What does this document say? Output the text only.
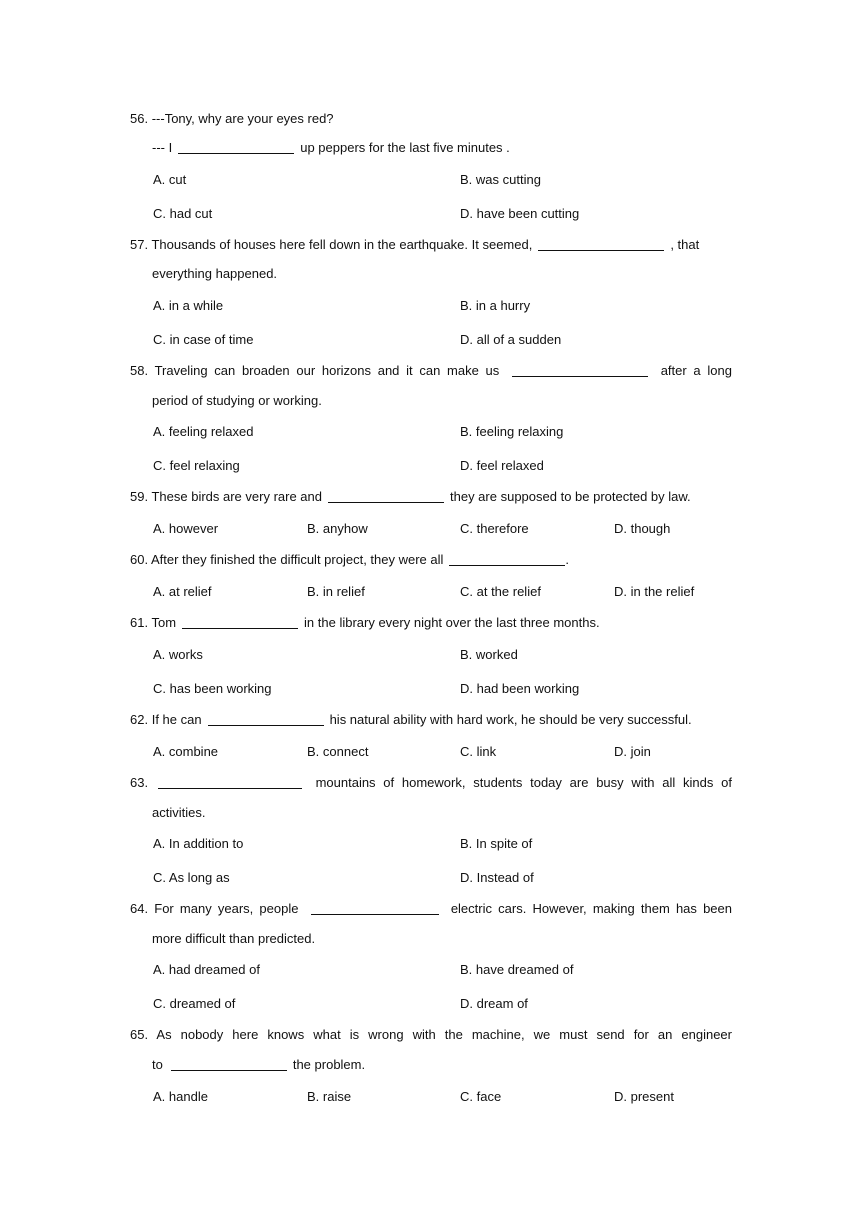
56. ---Tony, why are your eyes red?
--- I	up peppers for the last five minutes .
A. cut	B. was cutting
C. had cut	D. have been cutting
57. Thousands of houses here fell down in the earthquake. It seemed,	, that
everything happened.
A. in a while	B. in a hurry
C. in case of time	D. all of a sudden
58. Traveling can broaden our horizons and it can make us	after a long
period of studying or working.
A. feeling relaxed	B. feeling relaxing
C. feel relaxing	D. feel relaxed
59. These birds are very rare and	they are supposed to be protected by law.
A. however	B. anyhow	C. therefore	D. though
60. After they finished the difficult project, they were all	.
A. at relief	B. in relief	C. at the relief	D. in the relief
61. Tom	in the library every night over the last three months.
A. works	B. worked
C. has been working	D. had been working
62. If he can	his natural ability with hard work, he should be very successful.
A. combine	B. connect	C. link	D. join
63.	mountains of homework, students today are busy with all kinds of
activities.
A. In addition to	B. In spite of
C. As long as	D. Instead of
64. For many years, people	electric cars. However, making them has been
more difficult than predicted.
A. had dreamed of	B. have dreamed of
C. dreamed of	D. dream of
65. As nobody here knows what is wrong with the machine, we must send for an engineer
to	the problem.
A. handle	B. raise	C. face	D. present
